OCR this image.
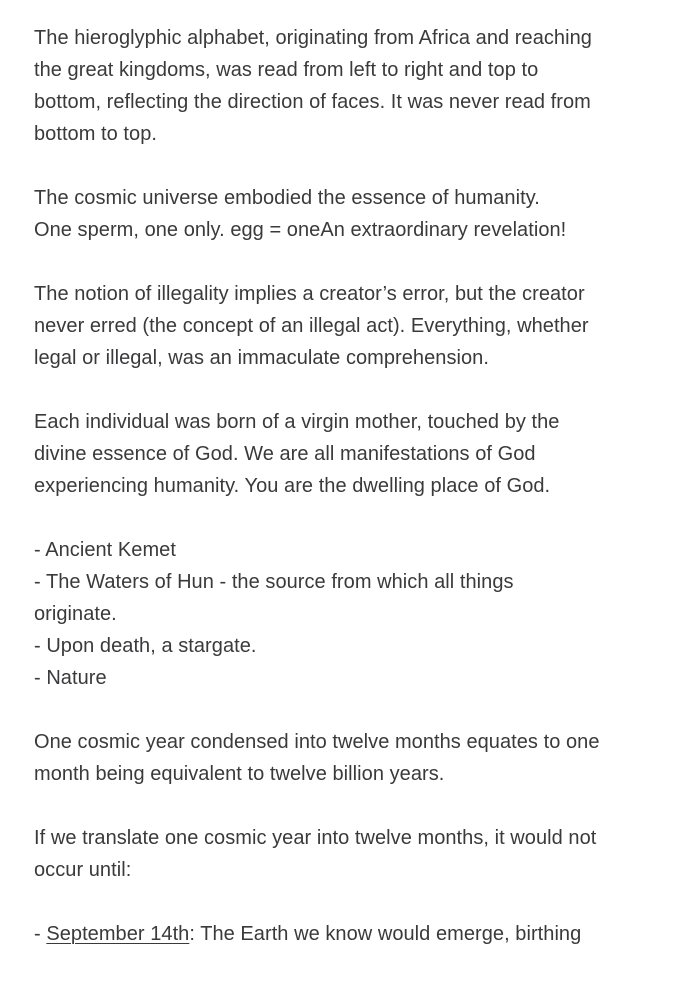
The hieroglyphic alphabet, originating from Africa and reaching
the great kingdoms, was read from left to right and top to
bottom, reflecting the direction of faces. It was never read from
bottom to top.
The cosmic universe embodied the essence of humanity.
One sperm, one only. egg = oneAn extraordinary revelation!
The notion of illegality implies a creator’s error, but the creator
never erred (the concept of an illegal act). Everything, whether
legal or illegal, was an immaculate comprehension.
Each individual was born of a virgin mother, touched by the
divine essence of God. We are all manifestations of God
experiencing humanity. You are the dwelling place of God.
- Ancient Kemet
- The Waters of Hun - the source from which all things
originate.
- Upon death, a stargate.
- Nature
One cosmic year condensed into twelve months equates to one
month being equivalent to twelve billion years.
If we translate one cosmic year into twelve months, it would not
occur until:
- September 14th: The Earth we know would emerge, birthing
